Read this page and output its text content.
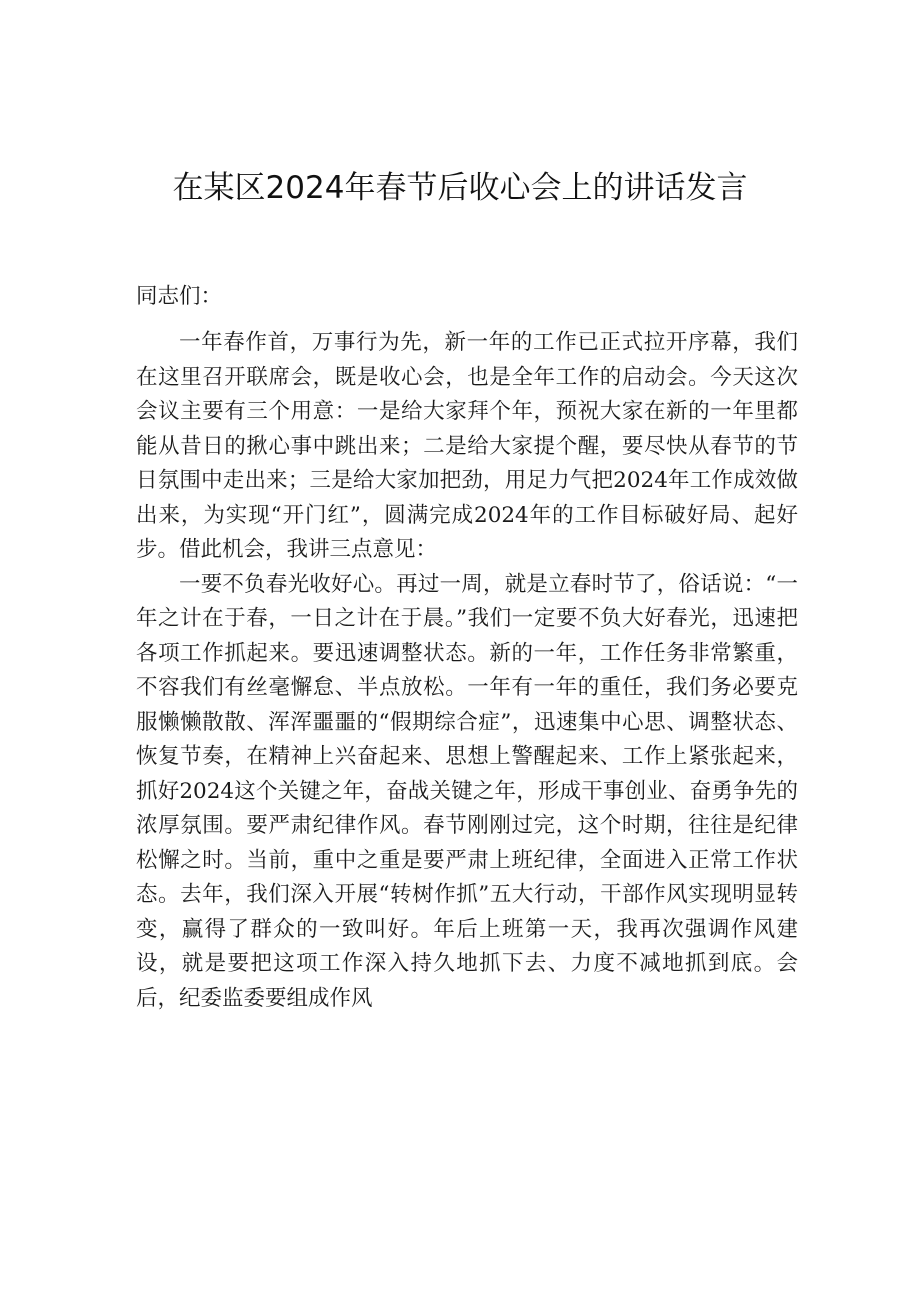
在某区2024年春节后收心会上的讲话发言
同志们：

一年春作首，万事行为先，新一年的工作已正式拉开序幕，我们在这里召开联席会，既是收心会，也是全年工作的启动会。今天这次会议主要有三个用意：一是给大家拜个年，预祝大家在新的一年里都能从昔日的揪心事中跳出来；二是给大家提个醒，要尽快从春节的节日氛围中走出来；三是给大家加把劲，用足力气把2024年工作成效做出来，为实现“开门红”，圆满完成2024年的工作目标破好局、起好步。借此机会，我讲三点意见：

一要不负春光收好心。再过一周，就是立春时节了，俗话说：“一年之计在于春，一日之计在于晨。”我们一定要不负大好春光，迅速把各项工作抓起来。要迅速调整状态。新的一年，工作任务非常繁重，不容我们有丝毫懈怠、半点放松。一年有一年的重任，我们务必要克服懒懒散散、浑浑噩噩的“假期综合症”，迅速集中心思、调整状态、恢复节奏，在精神上兴奋起来、思想上警醒起来、工作上紧张起来，抓好2024这个关键之年，奋战关键之年，形成干事创业、奋勇争先的浓厚氛围。要严肃纪律作风。春节刚刚过完，这个时期，往往是纪律松懈之时。当前，重中之重是要严肃上班纪律，全面进入正常工作状态。去年，我们深入开展“转树作抓”五大行动，干部作风实现明显转变，赢得了群众的一致叫好。年后上班第一天，我再次强调作风建设，就是要把这项工作深入持久地抓下去、力度不减地抓到底。会后，纪委监委要组成作风
